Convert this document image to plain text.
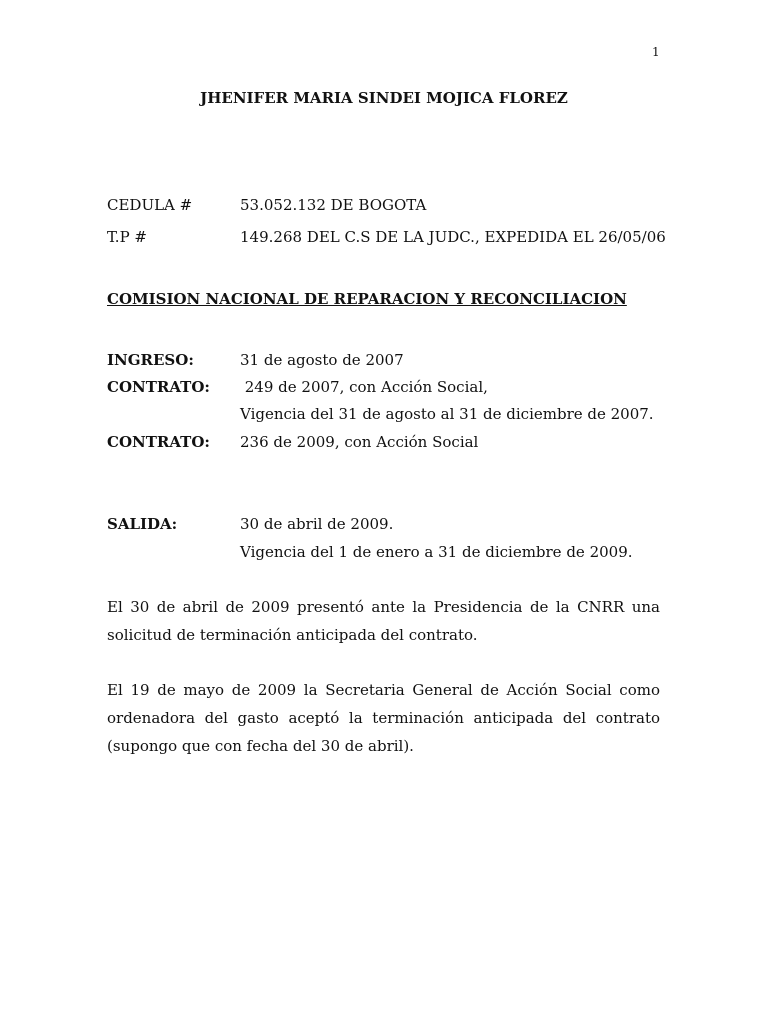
1
JHENIFER MARIA SINDEI MOJICA FLOREZ
CEDULA #	53.052.132 DE BOGOTA
T.P #	149.268 DEL C.S DE LA JUDC., EXPEDIDA EL 26/05/06
COMISION NACIONAL DE REPARACION Y RECONCILIACION
INGRESO:	31 de agosto de 2007
CONTRATO: 249 de 2007, con Acción Social,
Vigencia del 31 de agosto al 31 de diciembre de 2007.
CONTRATO: 236 de 2009, con Acción Social
SALIDA:	30 de abril de 2009.
Vigencia del 1 de enero a 31 de diciembre de 2009.
El 30 de abril de 2009 presentó ante la Presidencia de la CNRR una solicitud de terminación anticipada del contrato.
El 19 de mayo de 2009 la Secretaria General de Acción Social como ordenadora del gasto aceptó la terminación anticipada del contrato (supongo que con fecha del 30 de abril).
